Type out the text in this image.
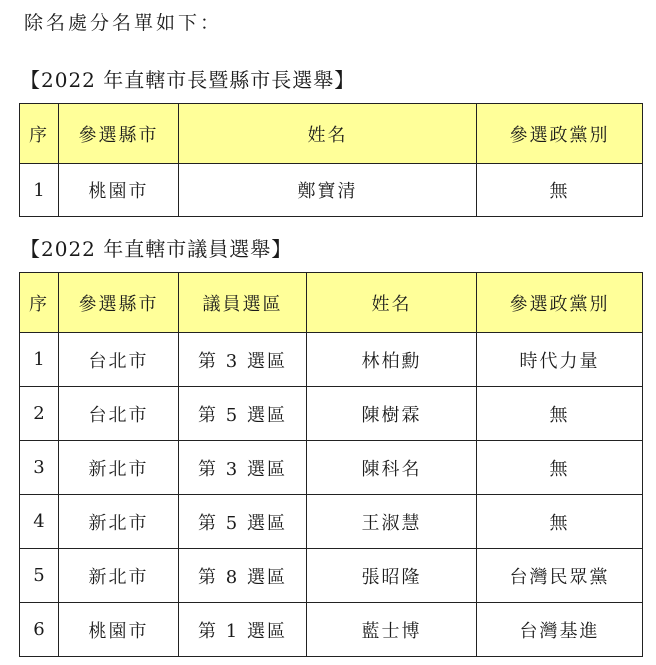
除名處分名單如下：
【2022 年直轄市長暨縣市長選舉】
序	參選縣市	姓名	參選政黨別
1	桃園市	鄭寶清	無
【2022 年直轄市議員選舉】
序	參選縣市	議員選區	姓名	參選政黨別
1	台北市	第 3 選區	林柏勳	時代力量
2	台北市	第 5 選區	陳樹霖	無
3	新北市	第 3 選區	陳科名	無
4	新北市	第 5 選區	王淑慧	無
5	新北市	第 8 選區	張昭隆	台灣民眾黨
6	桃園市	第 1 選區	藍士博	台灣基進
